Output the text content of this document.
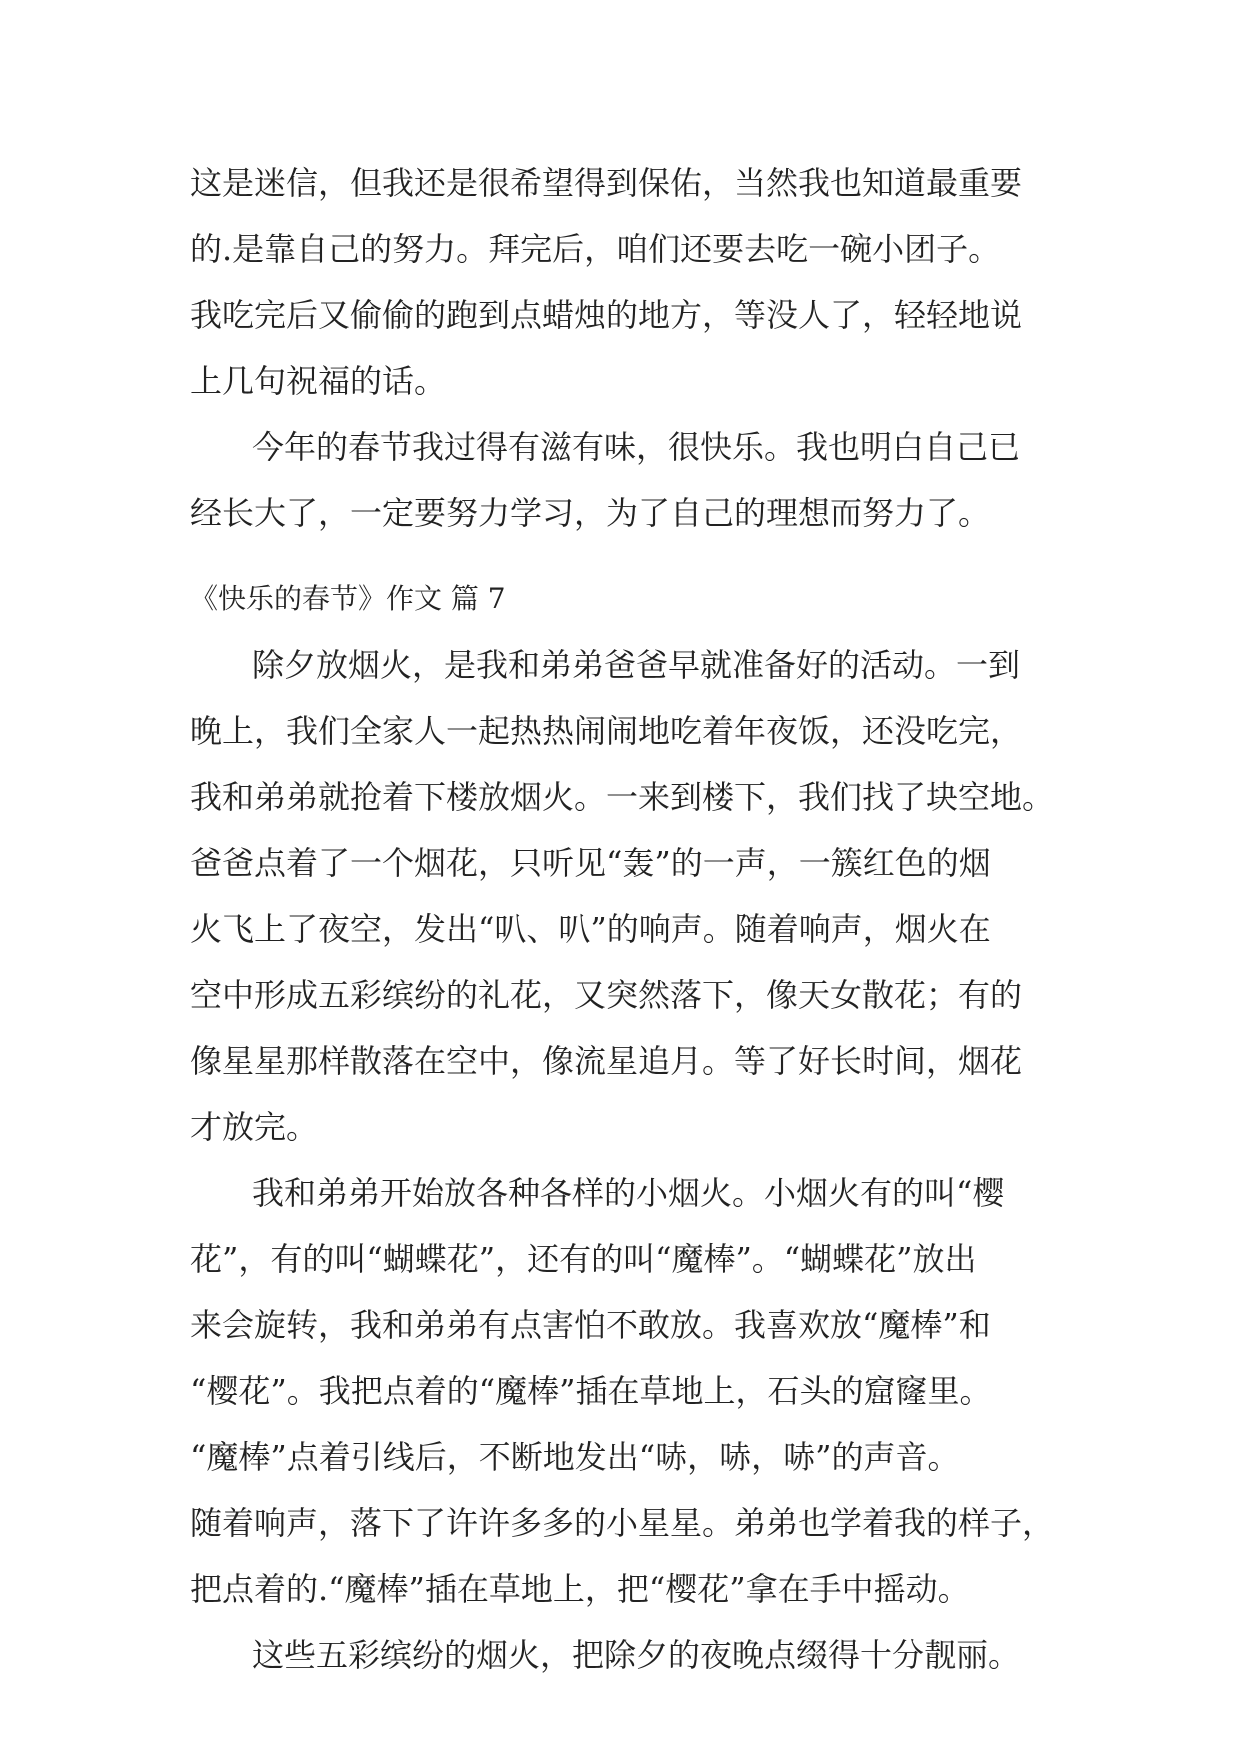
这是迷信，但我还是很希望得到保佑，当然我也知道最重要
的.是靠自己的努力。拜完后，咱们还要去吃一碗小团子。
我吃完后又偷偷的跑到点蜡烛的地方，等没人了，轻轻地说
上几句祝福的话。
今年的春节我过得有滋有味，很快乐。我也明白自己已
经长大了，一定要努力学习，为了自己的理想而努力了。
《快乐的春节》作文 篇 7
除夕放烟火，是我和弟弟爸爸早就准备好的活动。一到
晚上，我们全家人一起热热闹闹地吃着年夜饭，还没吃完，
我和弟弟就抢着下楼放烟火。一来到楼下，我们找了块空地。
爸爸点着了一个烟花，只听见“轰”的一声，一簇红色的烟
火飞上了夜空，发出“叭、叭”的响声。随着响声，烟火在
空中形成五彩缤纷的礼花，又突然落下，像天女散花；有的
像星星那样散落在空中，像流星追月。等了好长时间，烟花
才放完。
我和弟弟开始放各种各样的小烟火。小烟火有的叫“樱
花”，有的叫“蝴蝶花”，还有的叫“魔棒”。“蝴蝶花”放出
来会旋转，我和弟弟有点害怕不敢放。我喜欢放“魔棒”和
“樱花”。我把点着的“魔棒”插在草地上，石头的窟窿里。
“魔棒”点着引线后，不断地发出“哧，哧，哧”的声音。
随着响声，落下了许许多多的小星星。弟弟也学着我的样子，
把点着的.“魔棒”插在草地上，把“樱花”拿在手中摇动。
这些五彩缤纷的烟火，把除夕的夜晚点缀得十分靓丽。
